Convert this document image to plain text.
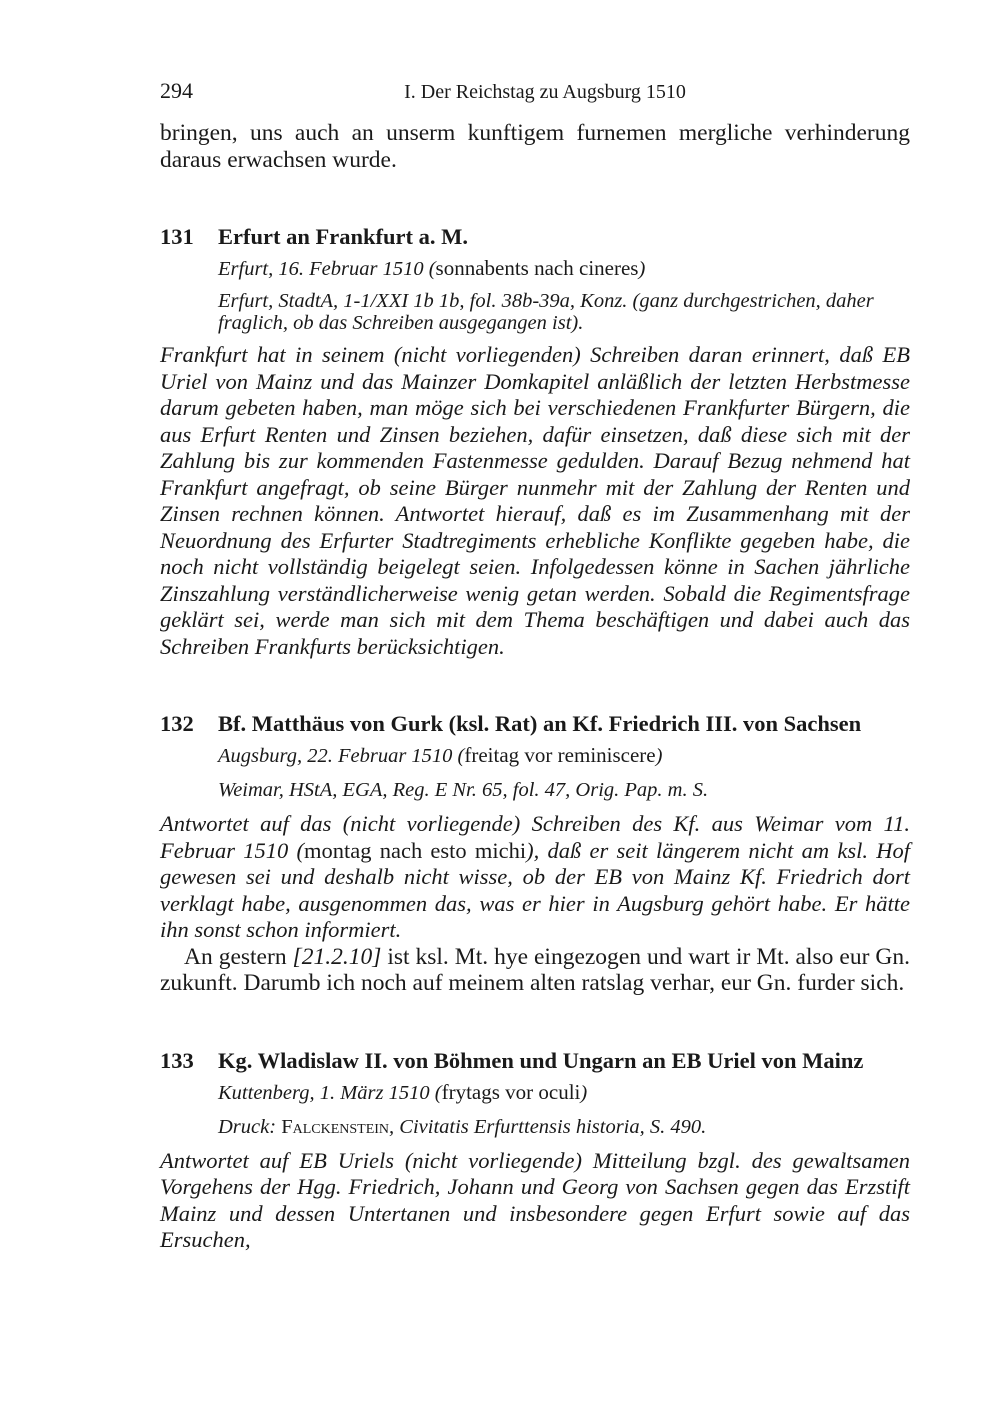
294	I. Der Reichstag zu Augsburg 1510

bringen, uns auch an unserm kunftigem furnemen mergliche verhinderung daraus erwachsen wurde.

131	Erfurt an Frankfurt a. M.
Erfurt, 16. Februar 1510 (sonnabents nach cineres)
Erfurt, StadtA, 1-1/XXI 1b 1b, fol. 38b-39a, Konz. (ganz durchgestrichen, daher fraglich, ob das Schreiben ausgegangen ist).

Frankfurt hat in seinem (nicht vorliegenden) Schreiben daran erinnert, daß EB Uriel von Mainz und das Mainzer Domkapitel anläßlich der letzten Herbstmesse darum gebeten haben, man möge sich bei verschiedenen Frankfurter Bürgern, die aus Erfurt Renten und Zinsen beziehen, dafür einsetzen, daß diese sich mit der Zahlung bis zur kommenden Fastenmesse gedulden. Darauf Bezug nehmend hat Frankfurt angefragt, ob seine Bürger nunmehr mit der Zahlung der Renten und Zinsen rechnen können. Antwortet hierauf, daß es im Zusammenhang mit der Neuordnung des Erfurter Stadtregiments erhebliche Konflikte gegeben habe, die noch nicht vollständig beigelegt seien. Infolgedessen könne in Sachen jährliche Zinszahlung verständlicherweise wenig getan werden. Sobald die Regimentsfrage geklärt sei, werde man sich mit dem Thema beschäftigen und dabei auch das Schreiben Frankfurts berücksichtigen.

132	Bf. Matthäus von Gurk (ksl. Rat) an Kf. Friedrich III. von Sachsen
Augsburg, 22. Februar 1510 (freitag vor reminiscere)
Weimar, HStA, EGA, Reg. E Nr. 65, fol. 47, Orig. Pap. m. S.

Antwortet auf das (nicht vorliegende) Schreiben des Kf. aus Weimar vom 11. Februar 1510 (montag nach esto michi), daß er seit längerem nicht am ksl. Hof gewesen sei und deshalb nicht wisse, ob der EB von Mainz Kf. Friedrich dort verklagt habe, ausgenommen das, was er hier in Augsburg gehört habe. Er hätte ihn sonst schon informiert.

An gestern [21.2.10] ist ksl. Mt. hye eingezogen und wart ir Mt. also eur Gn. zukunft. Darumb ich noch auf meinem alten ratslag verhar, eur Gn. furder sich.

133	Kg. Wladislaw II. von Böhmen und Ungarn an EB Uriel von Mainz
Kuttenberg, 1. März 1510 (frytags vor oculi)
Druck: Falckenstein, Civitatis Erfurttensis historia, S. 490.

Antwortet auf EB Uriels (nicht vorliegende) Mitteilung bzgl. des gewaltsamen Vorgehens der Hgg. Friedrich, Johann und Georg von Sachsen gegen das Erzstift Mainz und dessen Untertanen und insbesondere gegen Erfurt sowie auf das Ersuchen,
